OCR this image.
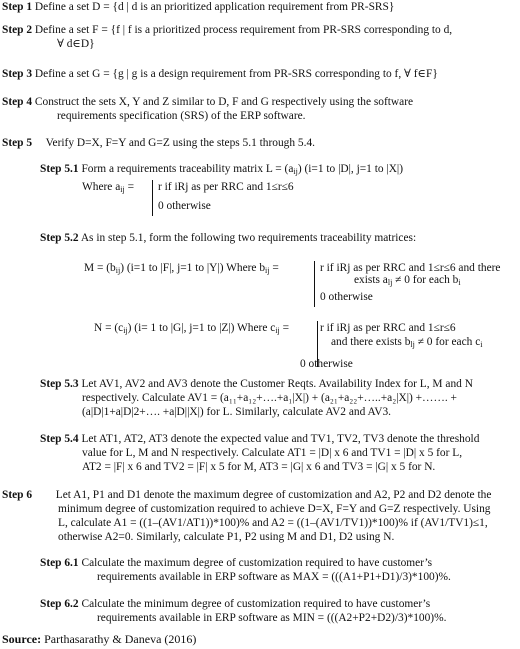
Step 1 Define a set D = {d | d is an prioritized application requirement from PR-SRS}
Step 2 Define a set F = {f | f is a prioritized process requirement from PR-SRS corresponding to d,
∀ d∈D}
Step 3 Define a set G = {g | g is a design requirement from PR-SRS corresponding to f, ∀ f∈F}
Step 4 Construct the sets X, Y and Z similar to D, F and G respectively using the software
requirements specification (SRS) of the ERP software.
Step 5 Verify D=X, F=Y and G=Z using the steps 5.1 through 5.4.
Step 5.1 Form a requirements traceability matrix $L = (a_{ij})$ (i=1 to |D|, j=1 to |X|)
Where $a_{ij} = r$ if iRj as per RRC and 1≤r≤6
0 otherwise
Step 5.2 As in step 5.1, form the following two requirements traceability matrices:
$M = (b_{ij})$ (i=1 to |F|, j=1 to |Y|) Where $b_{ij}$ =	r if iRj as per RRC and 1≤r≤6 and there
exists $a_{lj} \ne 0$ for each $b_i$
0 otherwise
$N = (c_{ij})$ (i= 1 to |G|, j=1 to |Z|) Where $c_{ij}$ =	r if iRj as per RRC and 1≤r≤6
and there exists $b_{lj} \ne 0$ for each $c_i$
0 otherwise
Step 5.3 Let AV1, AV2 and AV3 denote the Customer Reqts. Availability Index for L, M and N
respectively. Calculate AV1 = (a₁₁+a₁₂+….+a₁|X|) + (a₂₁+a₂₂+…..+a₂|X|) +……. +
(a|D|1+a|D|2+…. +a|D||X|) for L. Similarly, calculate AV2 and AV3.
Step 5.4 Let AT1, AT2, AT3 denote the expected value and TV1, TV2, TV3 denote the threshold
value for L, M and N respectively. Calculate AT1 = |D| x 6 and TV1 = |D| x 5 for L,
AT2 = |F| x 6 and TV2 = |F| x 5 for M, AT3 = |G| x 6 and TV3 = |G| x 5 for N.
Step 6 Let A1, P1 and D1 denote the maximum degree of customization and A2, P2 and D2 denote the
minimum degree of customization required to achieve D=X, F=Y and G=Z respectively. Using
L, calculate A1 = ((1–(AV1/AT1))*100)% and A2 = ((1–(AV1/TV1))*100)% if (AV1/TV1)≤1,
otherwise A2=0. Similarly, calculate P1, P2 using M and D1, D2 using N.
Step 6.1 Calculate the maximum degree of customization required to have customer’s
requirements available in ERP software as MAX = (((A1+P1+D1)/3)*100)%.
Step 6.2 Calculate the minimum degree of customization required to have customer’s
requirements available in ERP software as MIN = (((A2+P2+D2)/3)*100)%.
Source: Parthasarathy & Daneva (2016)
